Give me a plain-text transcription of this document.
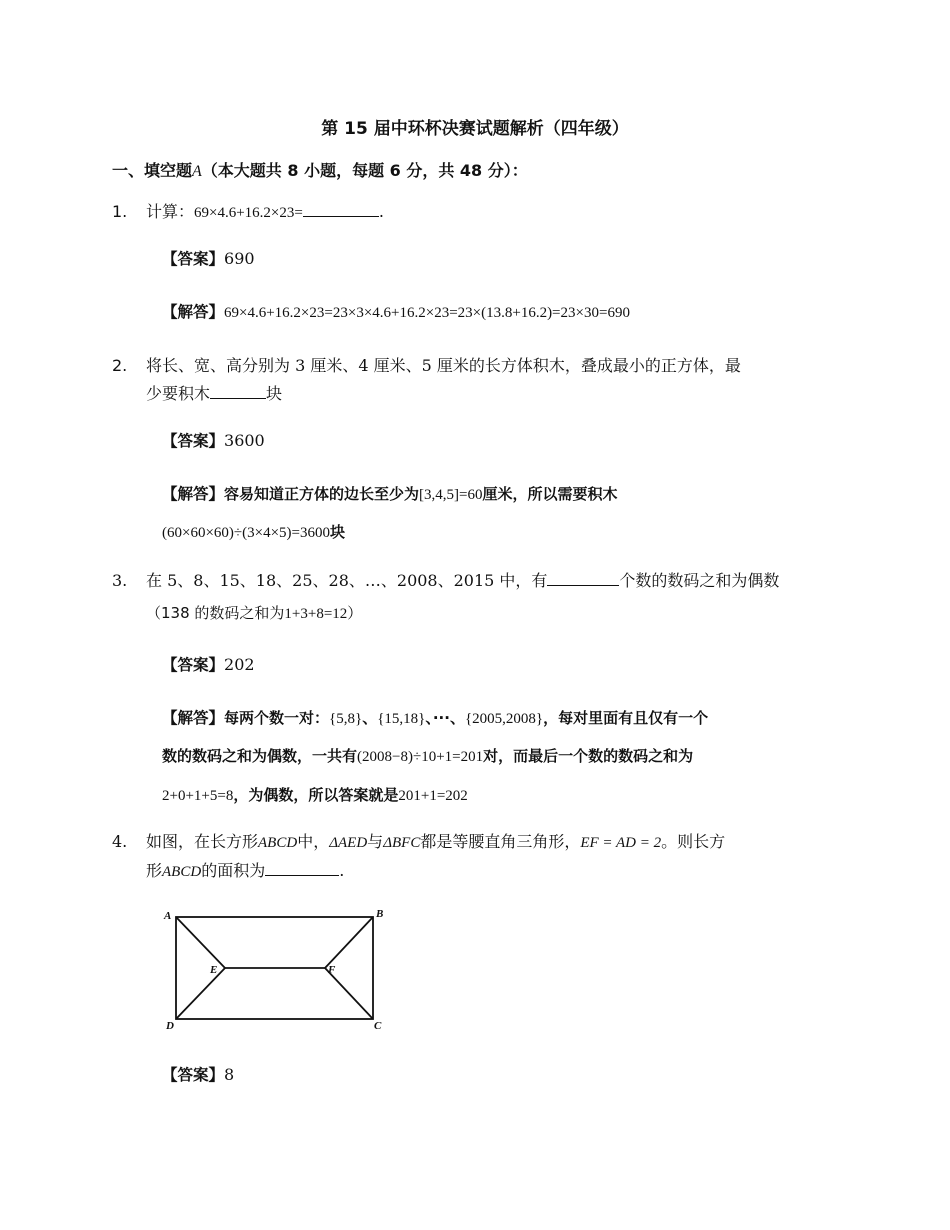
第 15 届中环杯决赛试题解析（四年级）
一、填空题A（本大题共 8 小题，每题 6 分，共 48 分）：
1. 计算：69×4.6+16.2×23=	.
【答案】690
【解答】69×4.6+16.2×23=23×3×4.6+16.2×23=23×(13.8+16.2)=23×30=690
2. 将长、宽、高分别为 3 厘米、4 厘米、5 厘米的长方体积木，叠成最小的正方体，最
少要积木	块
【答案】3600
【解答】容易知道正方体的边长至少为[3,4,5]=60厘米，所以需要积木
(60×60×60)÷(3×4×5)=3600块
3. 在 5、8、15、18、25、28、…、2008、2015 中，有	个数的数码之和为偶数
（138 的数码之和为1+3+8=12）
【答案】202
【解答】每两个数一对：{5,8}、{15,18}、···、{2005,2008}，每对里面有且仅有一个
数的数码之和为偶数，一共有(2008−8)÷10+1=201对，而最后一个数的数码之和为
2+0+1+5=8，为偶数，所以答案就是201+1=202
4. 如图，在长方形ABCD中，ΔAED与ΔBFC都是等腰直角三角形，EF = AD = 2。则长方
形ABCD的面积为	.
A	B
C
D
E	F
【答案】8
